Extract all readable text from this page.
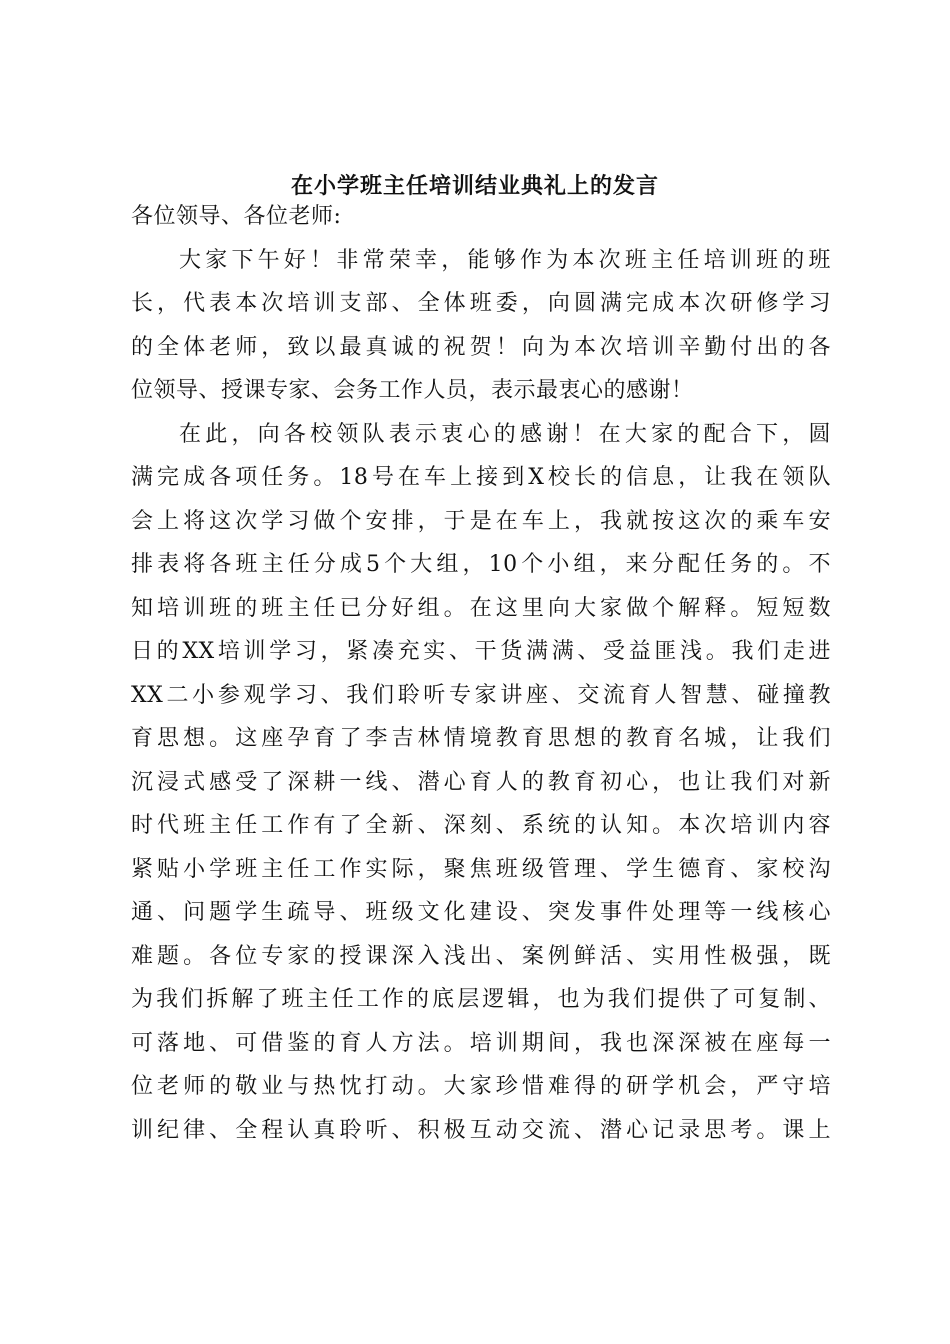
在小学班主任培训结业典礼上的发言
各位领导、各位老师:
大家下午好！非常荣幸，能够作为本次班主任培训班的班
长，代表本次培训支部、全体班委，向圆满完成本次研修学习
的全体老师，致以最真诚的祝贺！向为本次培训辛勤付出的各
位领导、授课专家、会务工作人员，表示最衷心的感谢！
在此，向各校领队表示衷心的感谢！在大家的配合下，圆
满完成各项任务。18号在车上接到X校长的信息，让我在领队
会上将这次学习做个安排，于是在车上，我就按这次的乘车安
排表将各班主任分成5个大组，10个小组，来分配任务的。不
知培训班的班主任已分好组。在这里向大家做个解释。短短数
日的XX培训学习，紧凑充实、干货满满、受益匪浅。我们走进
XX二小参观学习、我们聆听专家讲座、交流育人智慧、碰撞教
育思想。这座孕育了李吉林情境教育思想的教育名城，让我们
沉浸式感受了深耕一线、潜心育人的教育初心，也让我们对新
时代班主任工作有了全新、深刻、系统的认知。本次培训内容
紧贴小学班主任工作实际，聚焦班级管理、学生德育、家校沟
通、问题学生疏导、班级文化建设、突发事件处理等一线核心
难题。各位专家的授课深入浅出、案例鲜活、实用性极强，既
为我们拆解了班主任工作的底层逻辑，也为我们提供了可复制、
可落地、可借鉴的育人方法。培训期间，我也深深被在座每一
位老师的敬业与热忱打动。大家珍惜难得的研学机会，严守培
训纪律、全程认真聆听、积极互动交流、潜心记录思考。课上
